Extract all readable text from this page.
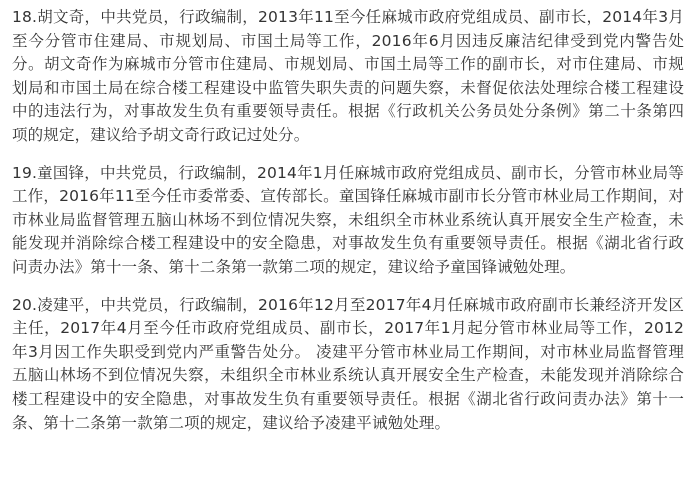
18.胡文奇，中共党员，行政编制，2013年11至今任麻城市政府党组成员、副市长，2014年3月至今分管市住建局、市规划局、市国土局等工作，2016年6月因违反廉洁纪律受到党内警告处分。胡文奇作为麻城市分管市住建局、市规划局、市国土局等工作的副市长，对市住建局、市规划局和市国土局在综合楼工程建设中监管失职失责的问题失察，未督促依法处理综合楼工程建设中的违法行为，对事故发生负有重要领导责任。根据《行政机关公务员处分条例》第二十条第四项的规定，建议给予胡文奇行政记过处分。

19.童国锋，中共党员，行政编制，2014年1月任麻城市政府党组成员、副市长，分管市林业局等工作，2016年11至今任市委常委、宣传部长。童国锋任麻城市副市长分管市林业局工作期间，对市林业局监督管理五脑山林场不到位情况失察，未组织全市林业系统认真开展安全生产检查，未能发现并消除综合楼工程建设中的安全隐患，对事故发生负有重要领导责任。根据《湖北省行政问责办法》第十一条、第十二条第一款第二项的规定，建议给予童国锋诫勉处理。

20.凌建平，中共党员，行政编制，2016年12月至2017年4月任麻城市政府副市长兼经济开发区主任，2017年4月至今任市政府党组成员、副市长，2017年1月起分管市林业局等工作，2012年3月因工作失职受到党内严重警告处分。 凌建平分管市林业局工作期间，对市林业局监督管理五脑山林场不到位情况失察，未组织全市林业系统认真开展安全生产检查，未能发现并消除综合楼工程建设中的安全隐患，对事故发生负有重要领导责任。根据《湖北省行政问责办法》第十一条、第十二条第一款第二项的规定，建议给予凌建平诫勉处理。
